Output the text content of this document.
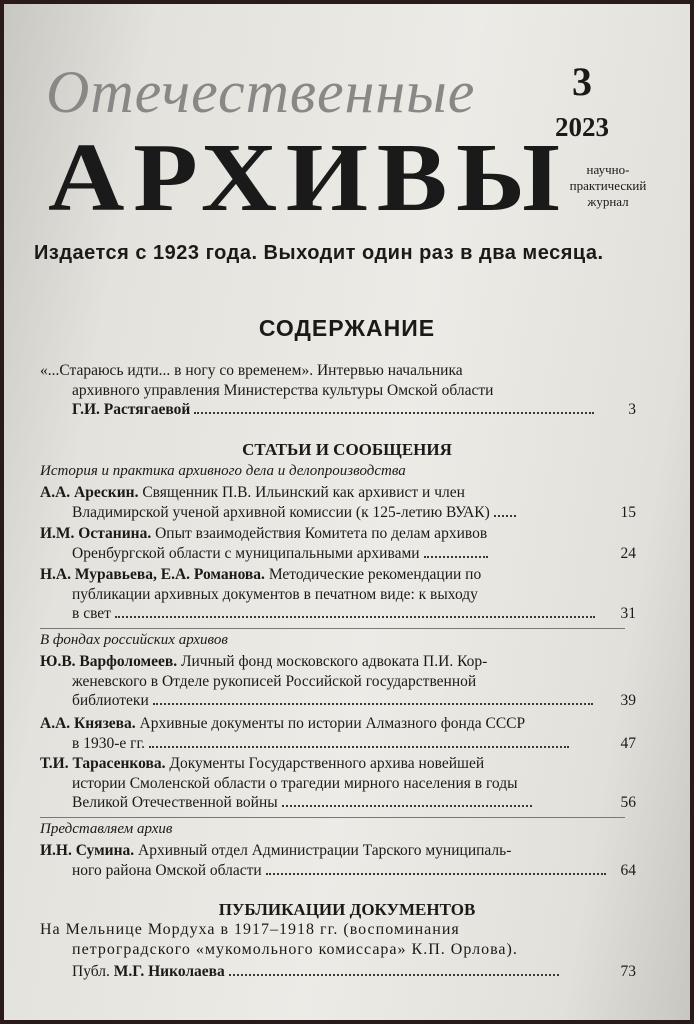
Отечественные
АРХИВЫ
3
2023
научно-практический журнал
Издается с 1923 года. Выходит один раз в два месяца.
СОДЕРЖАНИЕ
«...Стараюсь идти... в ногу со временем». Интервью начальника
архивного управления Министерства культуры Омской области
Г.И. Растягаевой	3
СТАТЬИ И СООБЩЕНИЯ
История и практика архивного дела и делопроизводства
А.А. Арескин. Священник П.В. Ильинский как архивист и член
Владимирской ученой архивной комиссии (к 125-летию ВУАК)	15
И.М. Останина. Опыт взаимодействия Комитета по делам архивов
Оренбургской области с муниципальными архивами	24
Н.А. Муравьева, Е.А. Романова. Методические рекомендации по
публикации архивных документов в печатном виде: к выходу
в свет	31
В фондах российских архивов
Ю.В. Варфоломеев. Личный фонд московского адвоката П.И. Кор-
женевского в Отделе рукописей Российской государственной
библиотеки	39
А.А. Князева. Архивные документы по истории Алмазного фонда СССР
в 1930-е гг.	47
Т.И. Тарасенкова. Документы Государственного архива новейшей
истории Смоленской области о трагедии мирного населения в годы
Великой Отечественной войны	56
Представляем архив
И.Н. Сумина. Архивный отдел Администрации Тарского муниципаль-
ного района Омской области	64
ПУБЛИКАЦИИ ДОКУМЕНТОВ
На Мельнице Мордуха в 1917–1918 гг. (воспоминания
петроградского «мукомольного комиссара» К.П. Орлова).
Публ. М.Г. Николаева	73
